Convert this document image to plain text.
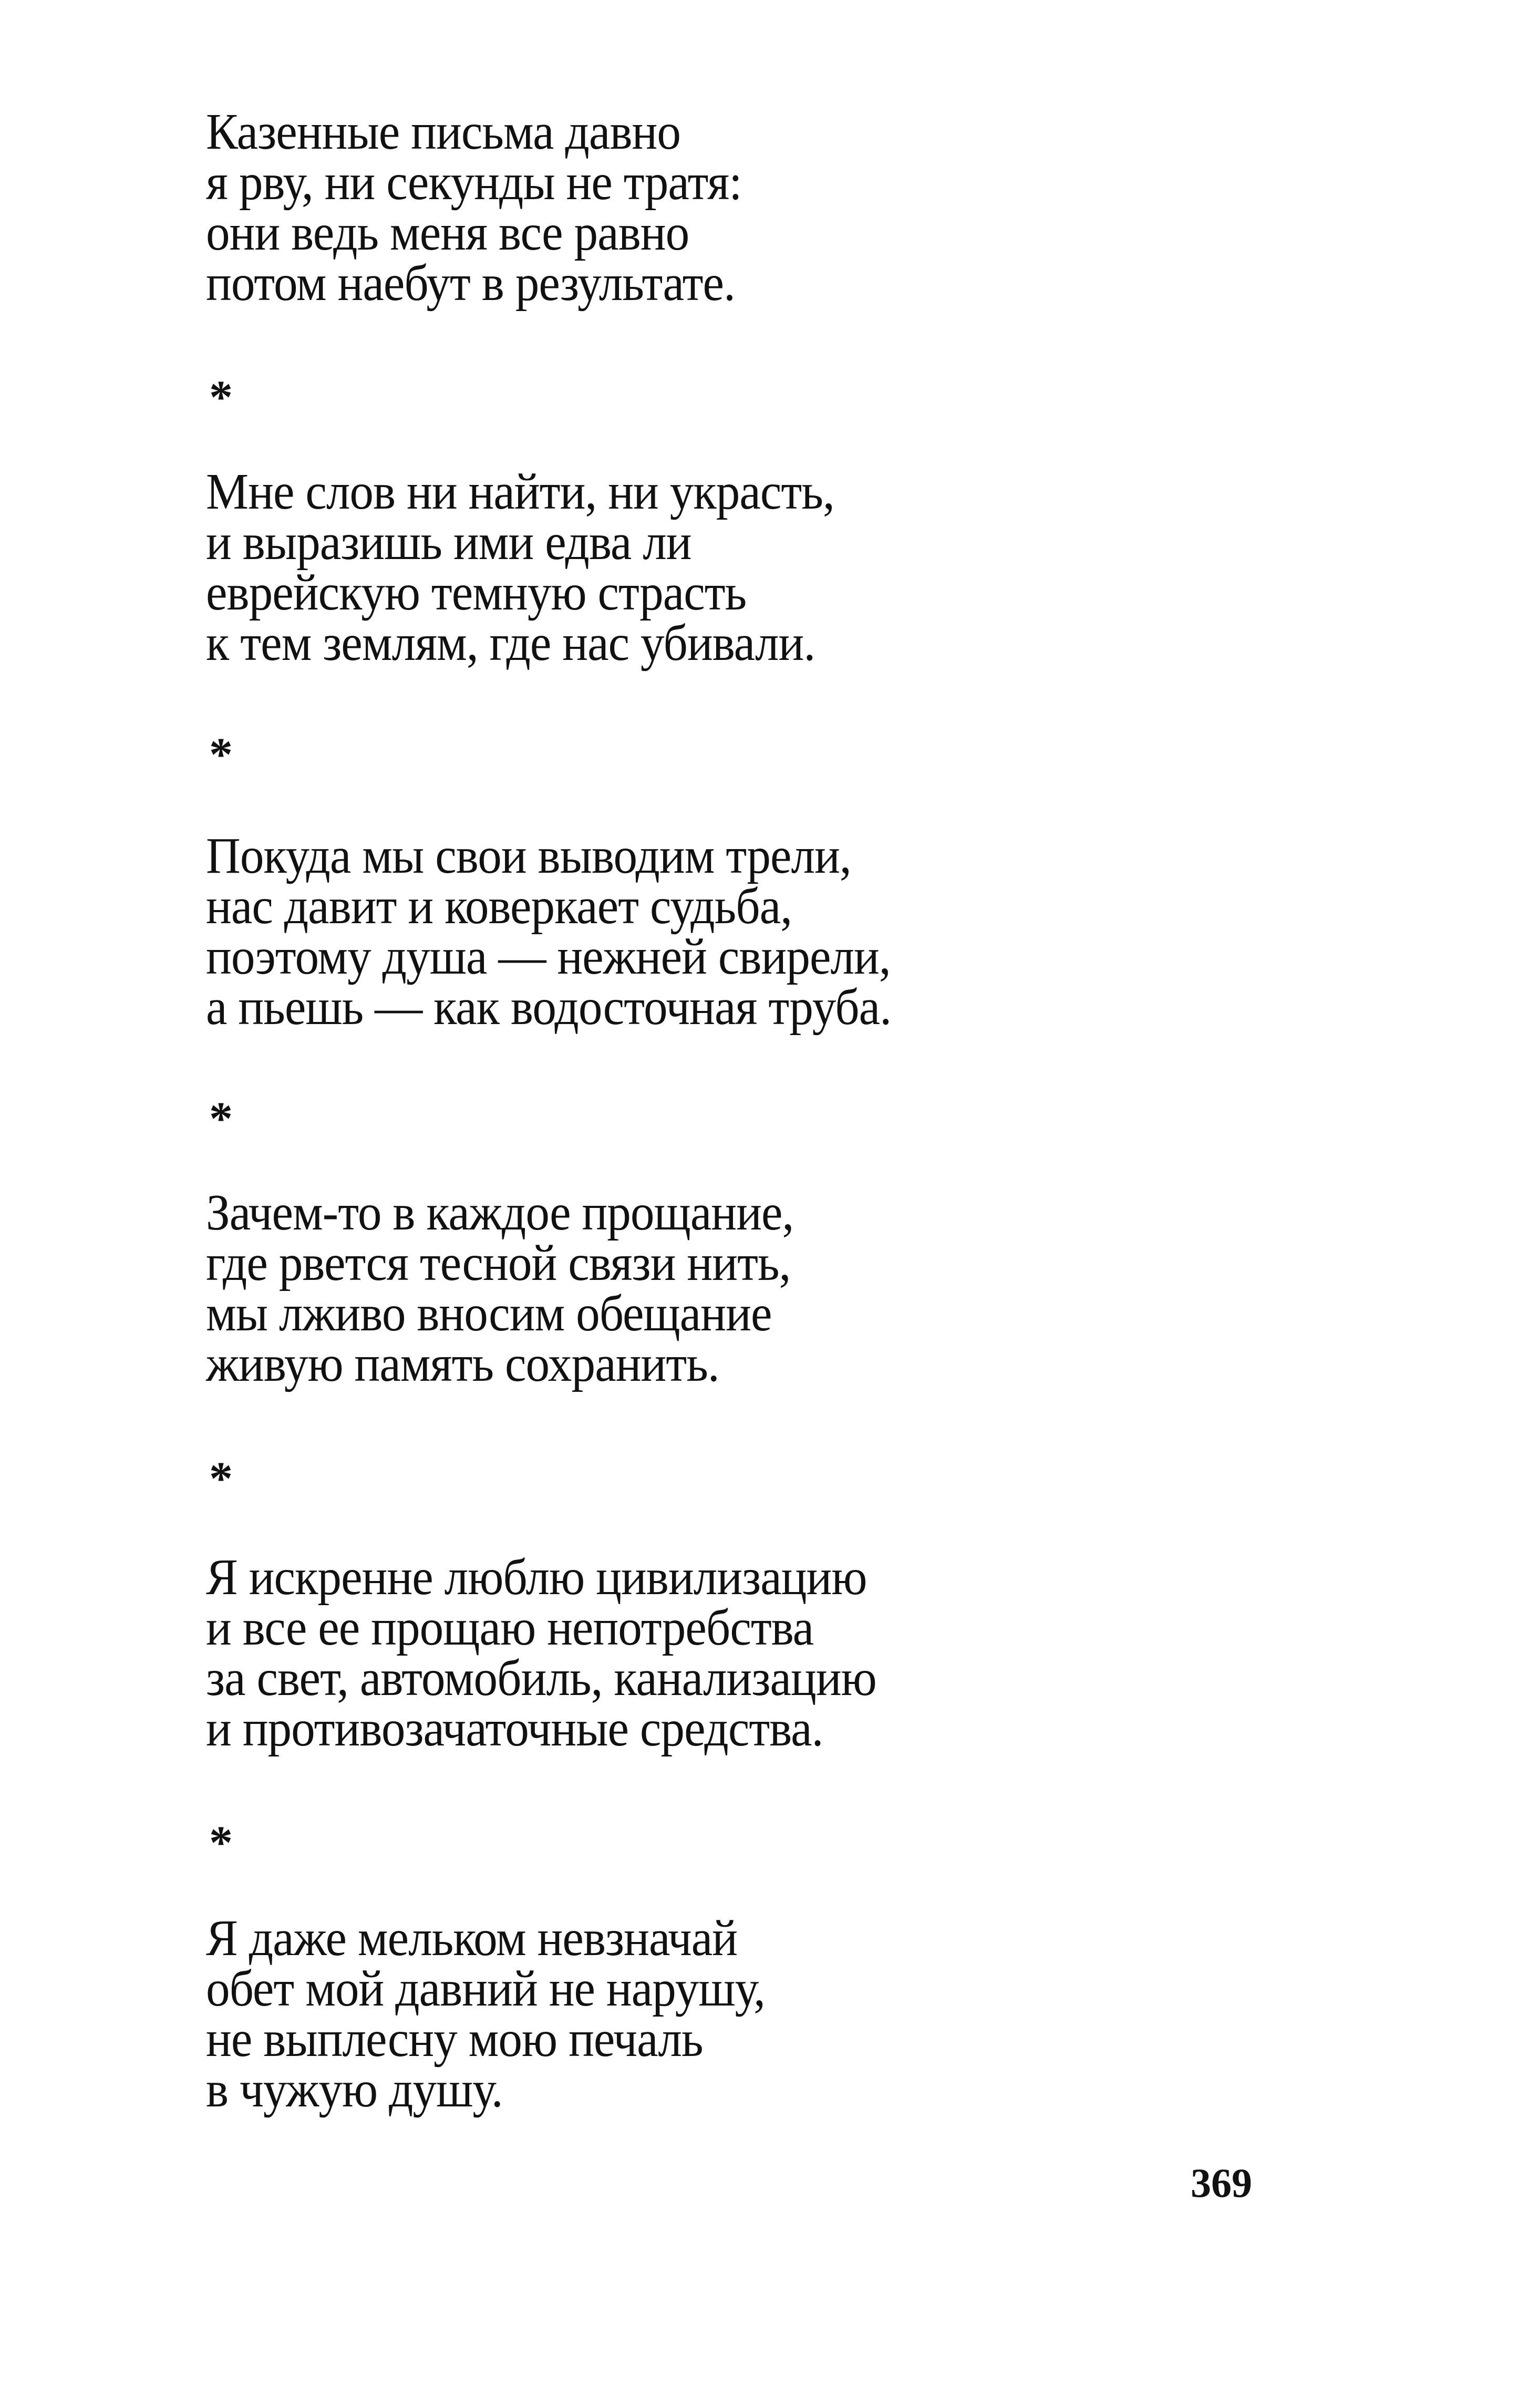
Казенные письма давно
я рву, ни секунды не тратя:
они ведь меня все равно
потом наебут в результате.
*
Мне слов ни найти, ни украсть,
и выразишь ими едва ли
еврейскую темную страсть
к тем землям, где нас убивали.
*
Покуда мы свои выводим трели,
нас давит и коверкает судьба,
поэтому душа — нежней свирели,
а пьешь — как водосточная труба.
*
Зачем-то в каждое прощание,
где рвется тесной связи нить,
мы лживо вносим обещание
живую память сохранить.
*
Я искренне люблю цивилизацию
и все ее прощаю непотребства
за свет, автомобиль, канализацию
и противозачаточные средства.
*
Я даже мельком невзначай
обет мой давний не нарушу,
не выплесну мою печаль
в чужую душу.
369
